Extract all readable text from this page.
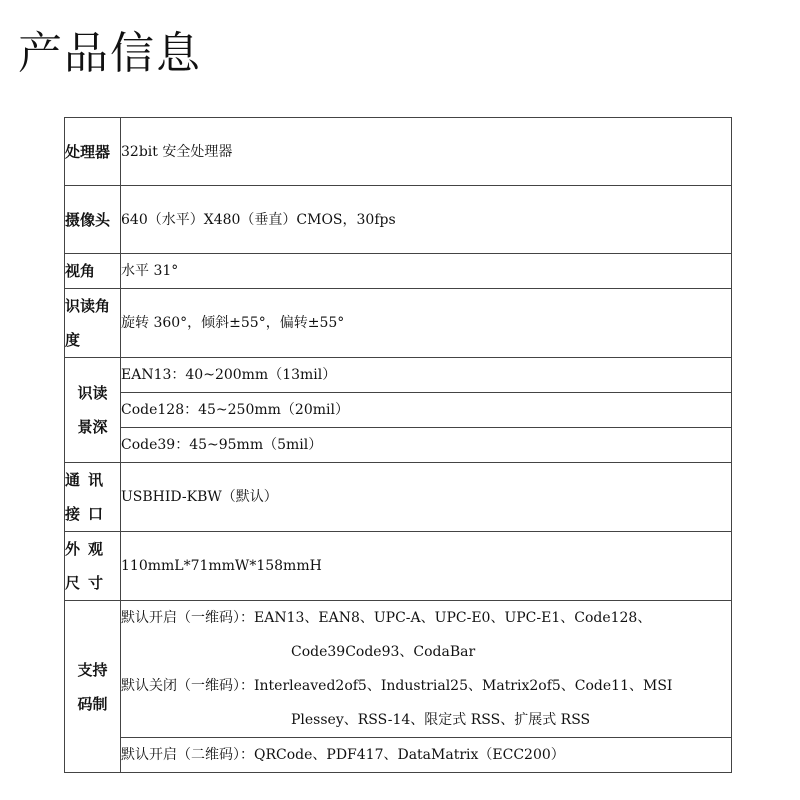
产品信息
处理器	32bit 安全处理器
摄像头	640（水平）X480（垂直）CMOS，30fps
视角	水平 31°
识读角度	旋转 360°，倾斜±55°，偏转±55°
识读景深	EAN13：40~200mm（13mil）
	Code128：45~250mm（20mil）
	Code39：45~95mm（5mil）
通讯接口	USBHID-KBW（默认）
外观尺寸	110mmL*71mmW*158mmH
支持码制	默认开启（一维码）：EAN13、EAN8、UPC-A、UPC-E0、UPC-E1、Code128、
Code39Code93、CodaBar
默认关闭（一维码）：Interleaved2of5、Industrial25、Matrix2of5、Code11、MSI
Plessey、RSS-14、限定式 RSS、扩展式 RSS

	默认开启（二维码）：QRCode、PDF417、DataMatrix（ECC200）
